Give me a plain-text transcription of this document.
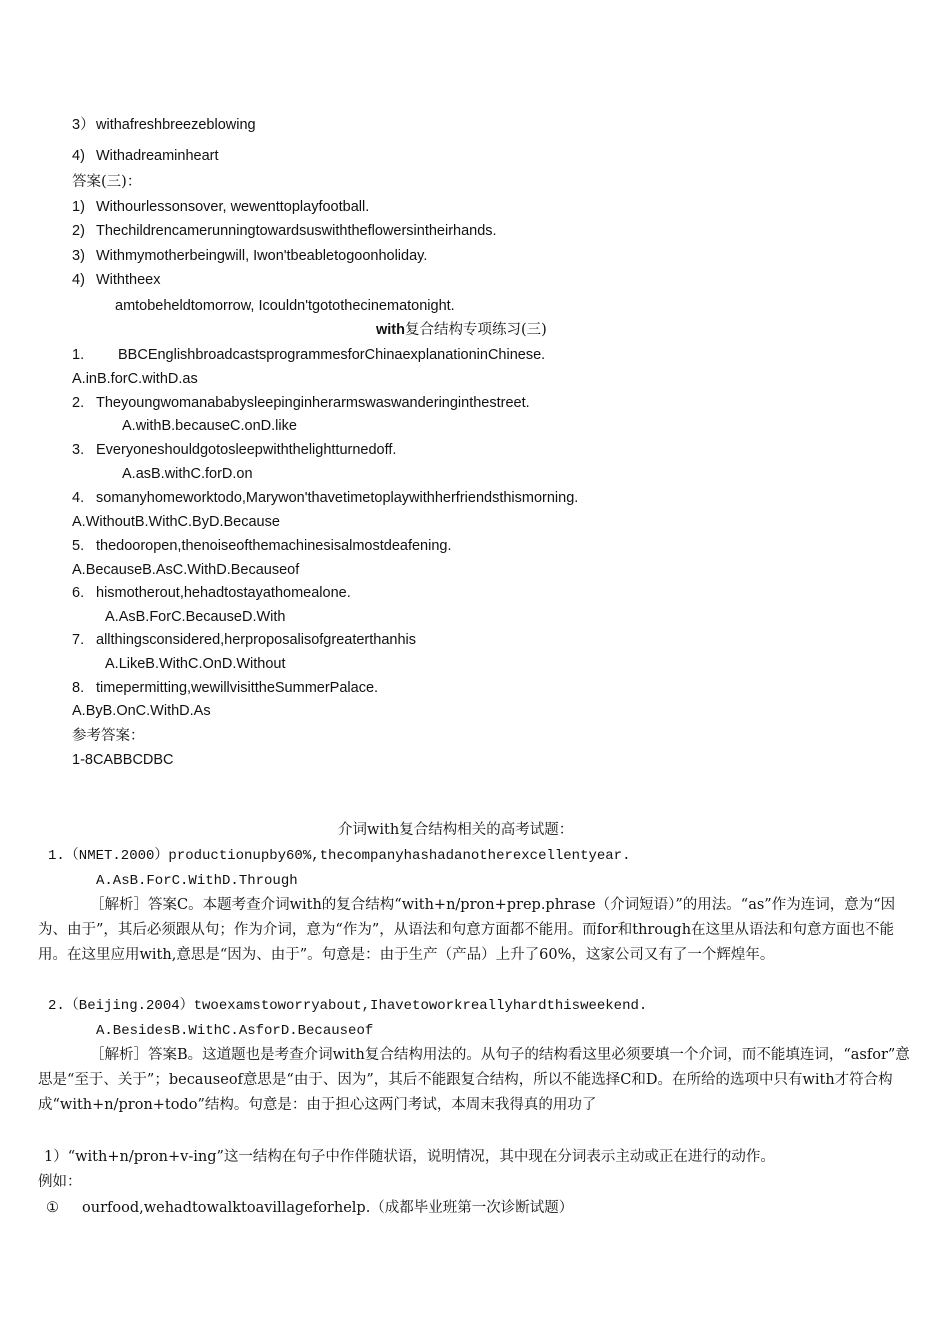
3）withafreshbreezeblowing
4) Withadreaminheart
答案(三)：
1) Withourlessonsover, wewenttoplayfootball.
2) Thechildrencamerunningtowardsuswiththeflowersintheirhands.
3) Withmymotherbeingwill, Iwon'tbeabletogoonholiday.
4) Withtheex
amtobeheldtomorrow, Icouldn'tgotothecinematonight.
with复合结构专项练习(三)
1. BBCEnglishbroadcastsprogrammesforChinaexplanationinChinese.
A.inB.forC.withD.as
2. Theyoungwomanababysleepinginherarmswaswanderinginthestreet.
A.withB.becauseC.onD.like
3. Everyoneshouldgotosleepwiththelightturnedoff.
A.asB.withC.forD.on
4. somanyhomeworktodo,Marywon'thavetimetoplaywithherfriendsthismorning.
A.WithoutB.WithC.ByD.Because
5. thedooropen,thenoiseofthemachinesisalmostdeafening.
A.BecauseB.AsC.WithD.Becauseof
6. hismotherout,hehadtostayathomealone.
A.AsB.ForC.BecauseD.With
7. allthingsconsidered,herproposalisofgreaterthanhis
A.LikeB.WithC.OnD.Without
8. timepermitting,wewillvisittheSummerPalace.
A.ByB.OnC.WithD.As
参考答案：
1-8CABBCDBC
介词with复合结构相关的高考试题：
1.（NMET.2000）productionupby60%,thecompanyhashadanotherexcellentyear.
A.AsB.ForC.WithD.Through
［解析］答案C。本题考查介词with的复合结构“with+n/pron+prep.phrase（介词短语）”的用法。“as”作为连词，意为“因为、由于”，其后必须跟从句；作为介词，意为“作为”，从语法和句意方面都不能用。而for和through在这里从语法和句意方面也不能用。在这里应用with,意思是“因为、由于”。句意是：由于生产（产品）上升了60%，这家公司又有了一个辉煌年。
2.（Beijing.2004）twoexamstoworryabout,Ihavetoworkreallyhardthisweekend.
A.BesidesB.WithC.AsforD.Becauseof
［解析］答案B。这道题也是考查介词with复合结构用法的。从句子的结构看这里必须要填一个介词，而不能填连词，“asfor”意思是“至于、关于”；becauseof意思是“由于、因为”，其后不能跟复合结构，所以不能选择C和D。在所给的选项中只有with才符合构成“with+n/pron+todo”结构。句意是：由于担心这两门考试，本周末我得真的用功了
1）“with+n/pron+v-ing”这一结构在句子中作伴随状语，说明情况，其中现在分词表示主动或正在进行的动作。
例如：
① ourfood,wehadtowalktoavillageforhelp.（成都毕业班第一次诊断试题）
